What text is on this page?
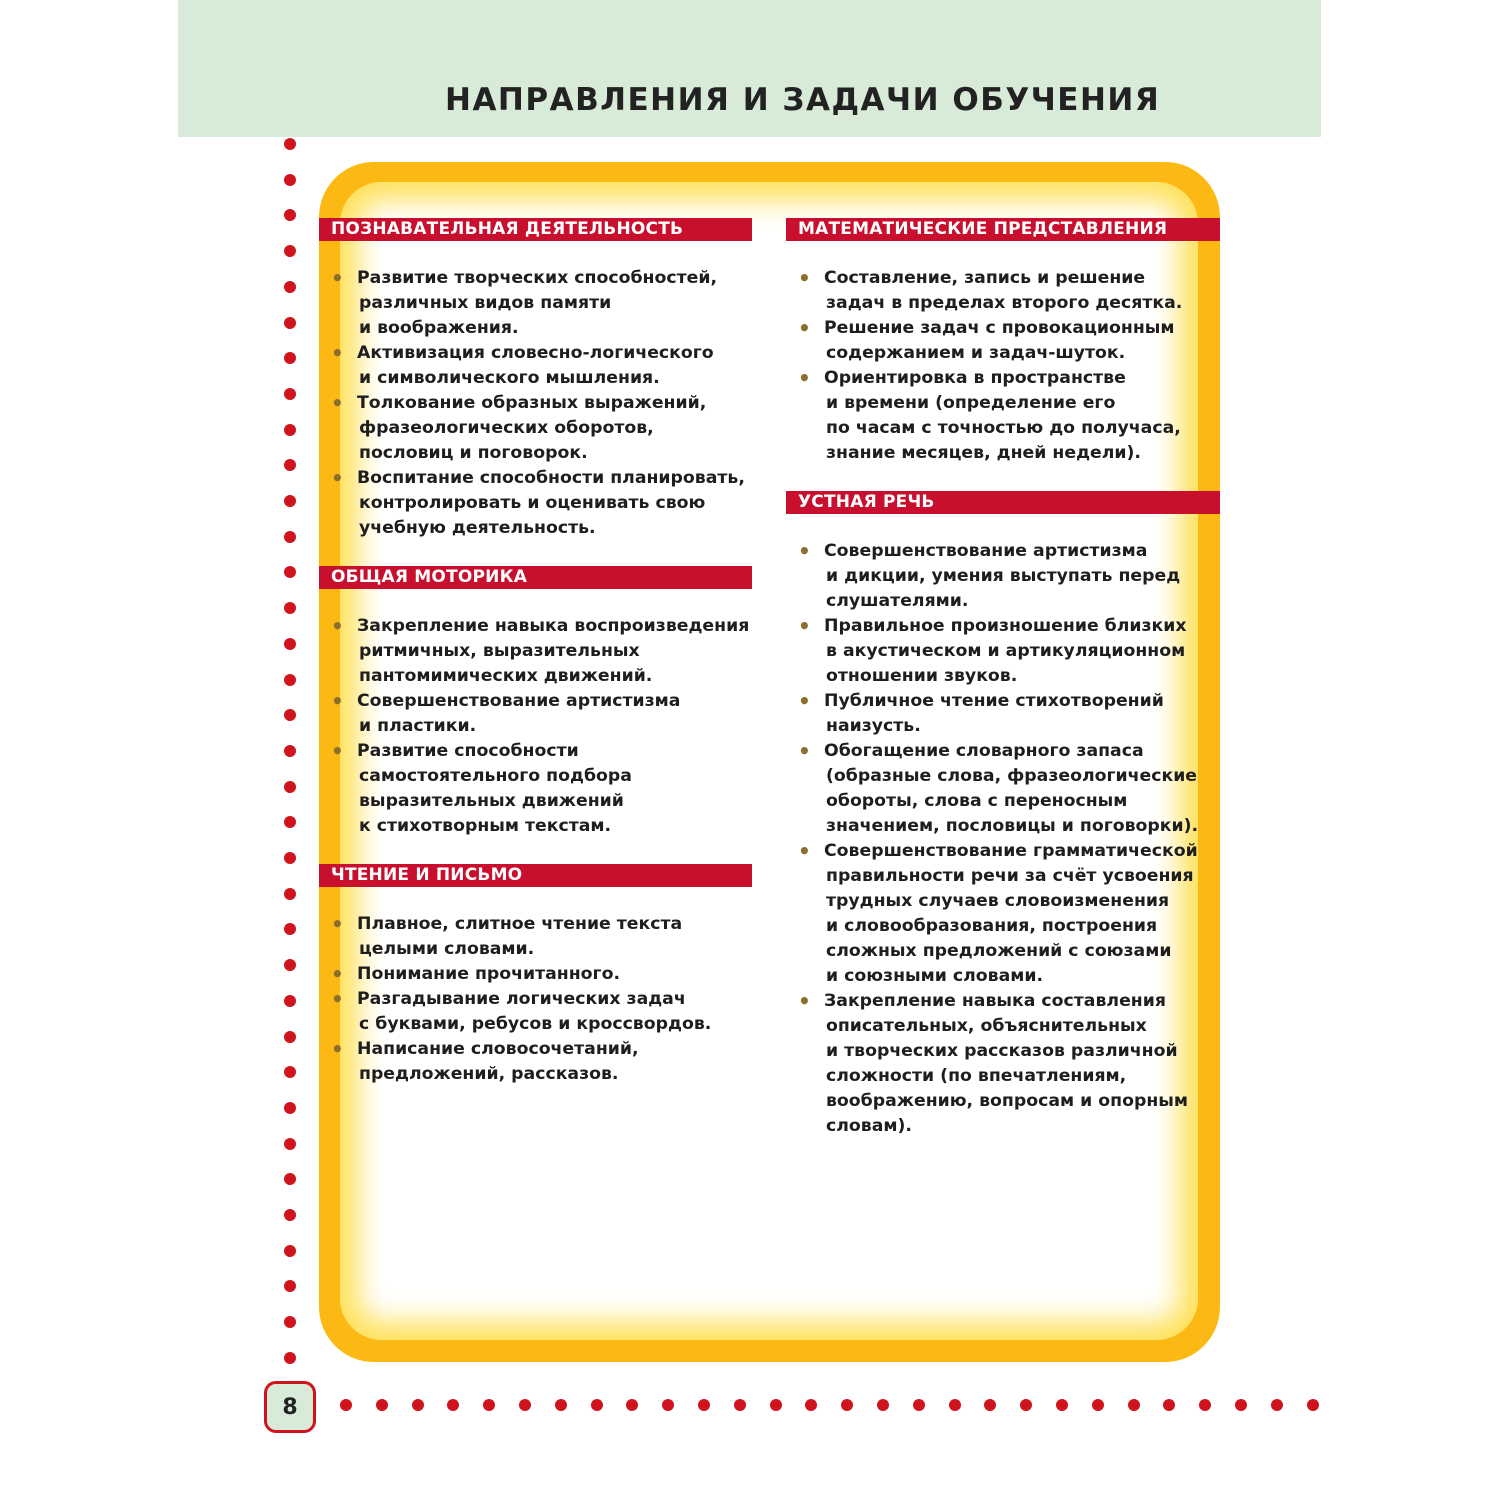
НАПРАВЛЕНИЯ И ЗАДАЧИ ОБУЧЕНИЯ
8
ПОЗНАВАТЕЛЬНАЯ ДЕЯТЕЛЬНОСТЬ
• Развитие творческих способностей,
различных видов памяти
и воображения.
• Активизация словесно-логического
и символического мышления.
• Толкование образных выражений,
фразеологических оборотов,
пословиц и поговорок.
• Воспитание способности планировать,
контролировать и оценивать свою
учебную деятельность.
ОБЩАЯ МОТОРИКА
• Закрепление навыка воспроизведения
ритмичных, выразительных
пантомимических движений.
• Совершенствование артистизма
и пластики.
• Развитие способности
самостоятельного подбора
выразительных движений
к стихотворным текстам.
ЧТЕНИЕ И ПИСЬМО
• Плавное, слитное чтение текста
целыми словами.
• Понимание прочитанного.
• Разгадывание логических задач
с буквами, ребусов и кроссвордов.
• Написание словосочетаний,
предложений, рассказов.
МАТЕМАТИЧЕСКИЕ ПРЕДСТАВЛЕНИЯ
• Составление, запись и решение
задач в пределах второго десятка.
• Решение задач с провокационным
содержанием и задач-шуток.
• Ориентировка в пространстве
и времени (определение его
по часам с точностью до получаса,
знание месяцев, дней недели).
УСТНАЯ РЕЧЬ
• Совершенствование артистизма
и дикции, умения выступать перед
слушателями.
• Правильное произношение близких
в акустическом и артикуляционном
отношении звуков.
• Публичное чтение стихотворений
наизусть.
• Обогащение словарного запаса
(образные слова, фразеологические
обороты, слова с переносным
значением, пословицы и поговорки).
• Совершенствование грамматической
правильности речи за счёт усвоения
трудных случаев словоизменения
и словообразования, построения
сложных предложений с союзами
и союзными словами.
• Закрепление навыка составления
описательных, объяснительных
и творческих рассказов различной
сложности (по впечатлениям,
воображению, вопросам и опорным
словам).
